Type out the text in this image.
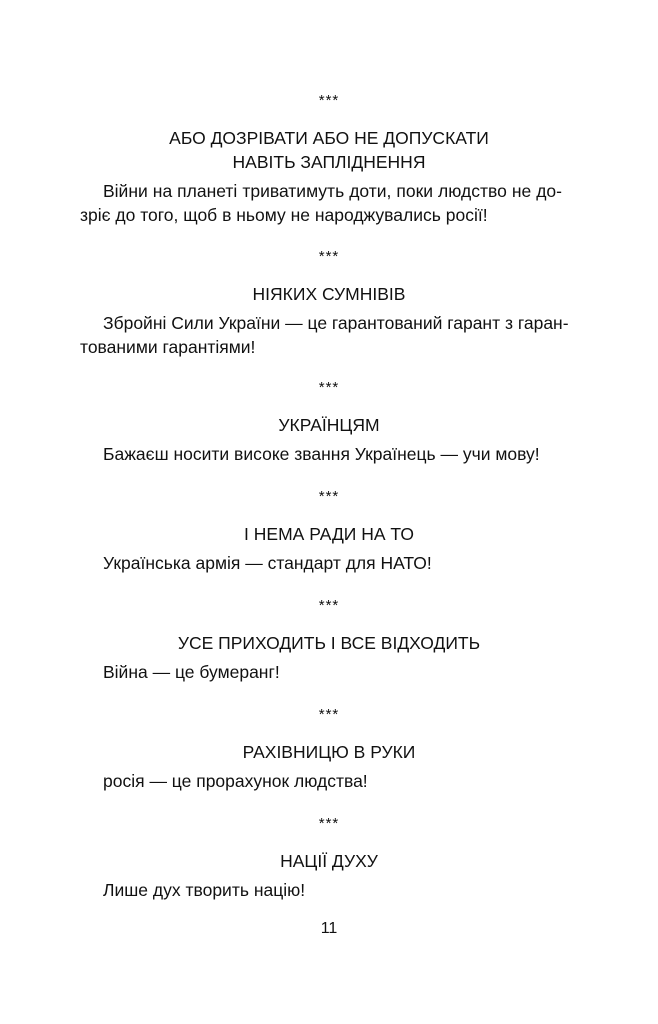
***

АБО ДОЗРІВАТИ АБО НЕ ДОПУСКАТИ

НАВІТЬ ЗАПЛІДНЕННЯ

Війни на планеті триватимуть доти, поки людство не до-

зріє до того, щоб в ньому не народжувались росії!

***

НІЯКИХ СУМНІВІВ

Збройні Сили України — це гарантований гарант з гаран-

тованими гарантіями!

***

УКРАЇНЦЯМ

Бажаєш носити високе звання Українець — учи мову!

***

І НЕМА РАДИ НА ТО

Українська армія — стандарт для НАТО!

***

УСЕ ПРИХОДИТЬ І ВСЕ ВІДХОДИТЬ

Війна — це бумеранг!

***

РАХІВНИЦЮ В РУКИ

росія — це прорахунок людства!

***

НАЦІЇ ДУХУ

Лише дух творить націю!

11
